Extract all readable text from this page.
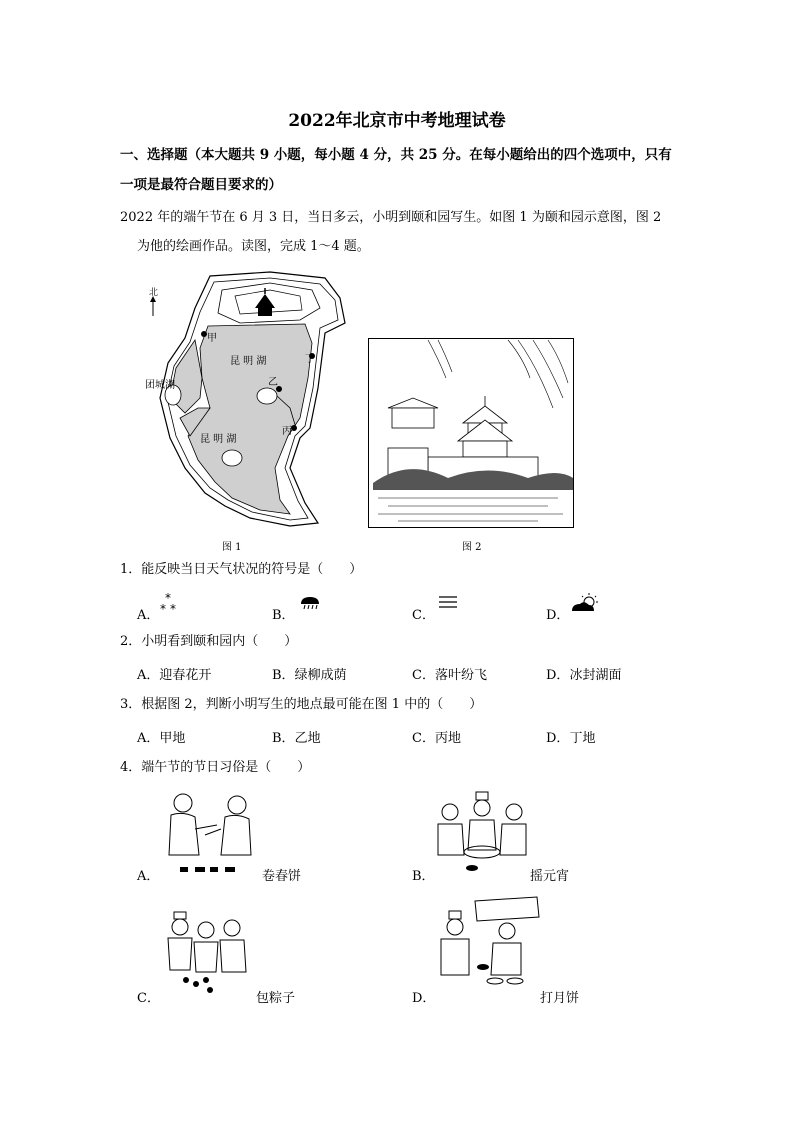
2022年北京市中考地理试卷
一、选择题（本大题共 9 小题，每小题 4 分，共 25 分。在每小题给出的四个选项中，只有
一项是最符合题目要求的）
2022 年的端午节在 6 月 3 日，当日多云，小明到颐和园写生。如图 1 为颐和园示意图，图 2
为他的绘画作品。读图，完成 1～4 题。
北
甲
丁
乙
丙
昆 明 湖
昆 明 湖
团城湖
图 1	图 2
1．能反映当日天气状况的符号是（　　）
A．
*
* *	B．	C．	D．
2．小明看到颐和园内（　　）
A．迎春花开	B．绿柳成荫	C．落叶纷飞	D．冰封湖面
3．根据图 2，判断小明写生的地点最可能在图 1 中的（　　）
A．甲地	B．乙地	C．丙地	D．丁地
4．端午节的节日习俗是（　　）
A．	卷春饼	B．	摇元宵
C．	包粽子	D．	打月饼
